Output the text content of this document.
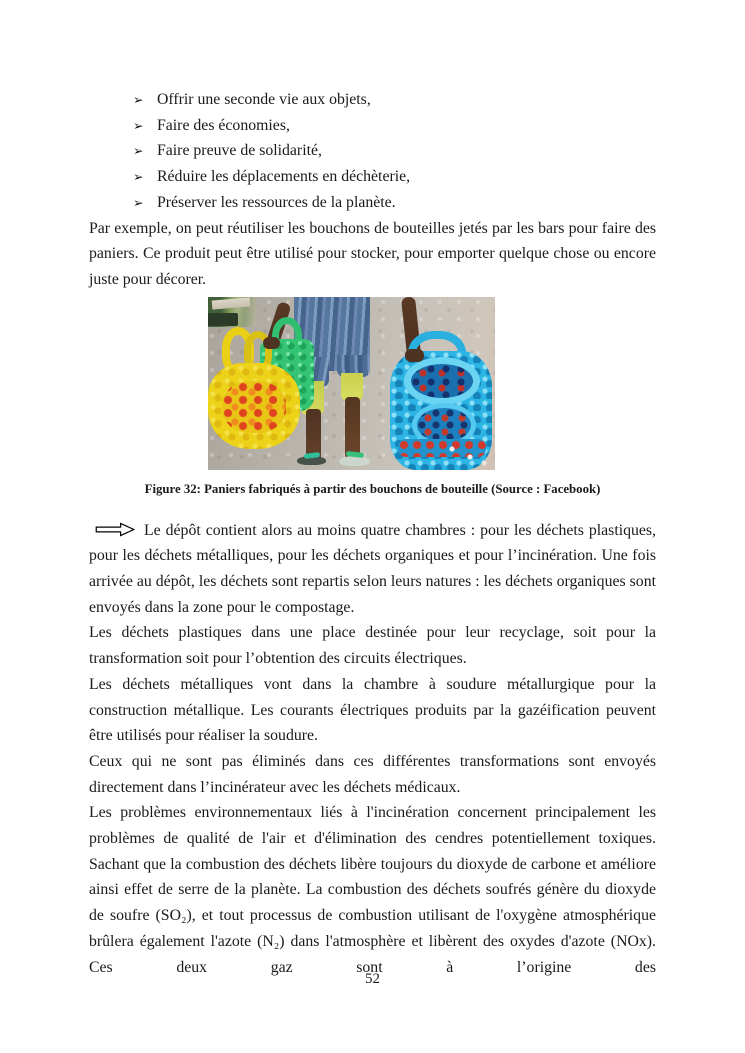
➢ Offrir une seconde vie aux objets,
➢ Faire des économies,
➢ Faire preuve de solidarité,
➢ Réduire les déplacements en déchèterie,
➢ Préserver les ressources de la planète.

Par exemple, on peut réutiliser les bouchons de bouteilles jetés par les bars pour faire des paniers. Ce produit peut être utilisé pour stocker, pour emporter quelque chose ou encore juste pour décorer.

Figure 32: Paniers fabriqués à partir des bouchons de bouteille (Source : Facebook)

Le dépôt contient alors au moins quatre chambres : pour les déchets plastiques, pour les déchets métalliques, pour les déchets organiques et pour l’incinération. Une fois arrivée au dépôt, les déchets sont repartis selon leurs natures : les déchets organiques sont envoyés dans la zone pour le compostage.

Les déchets plastiques dans une place destinée pour leur recyclage, soit pour la transformation soit pour l’obtention des circuits électriques.

Les déchets métalliques vont dans la chambre à soudure métallurgique pour la construction métallique. Les courants électriques produits par la gazéification peuvent être utilisés pour réaliser la soudure.

Ceux qui ne sont pas éliminés dans ces différentes transformations sont envoyés directement dans l’incinérateur avec les déchets médicaux.

Les problèmes environnementaux liés à l'incinération concernent principalement les problèmes de qualité de l'air et d'élimination des cendres potentiellement toxiques. Sachant que la combustion des déchets libère toujours du dioxyde de carbone et améliore ainsi effet de serre de la planète. La combustion des déchets soufrés génère du dioxyde de soufre (SO₂), et tout processus de combustion utilisant de l'oxygène atmosphérique brûlera également l'azote (N₂) dans l'atmosphère et libèrent des oxydes d'azote (NOx). Ces deux gaz sont à l’origine des

52
